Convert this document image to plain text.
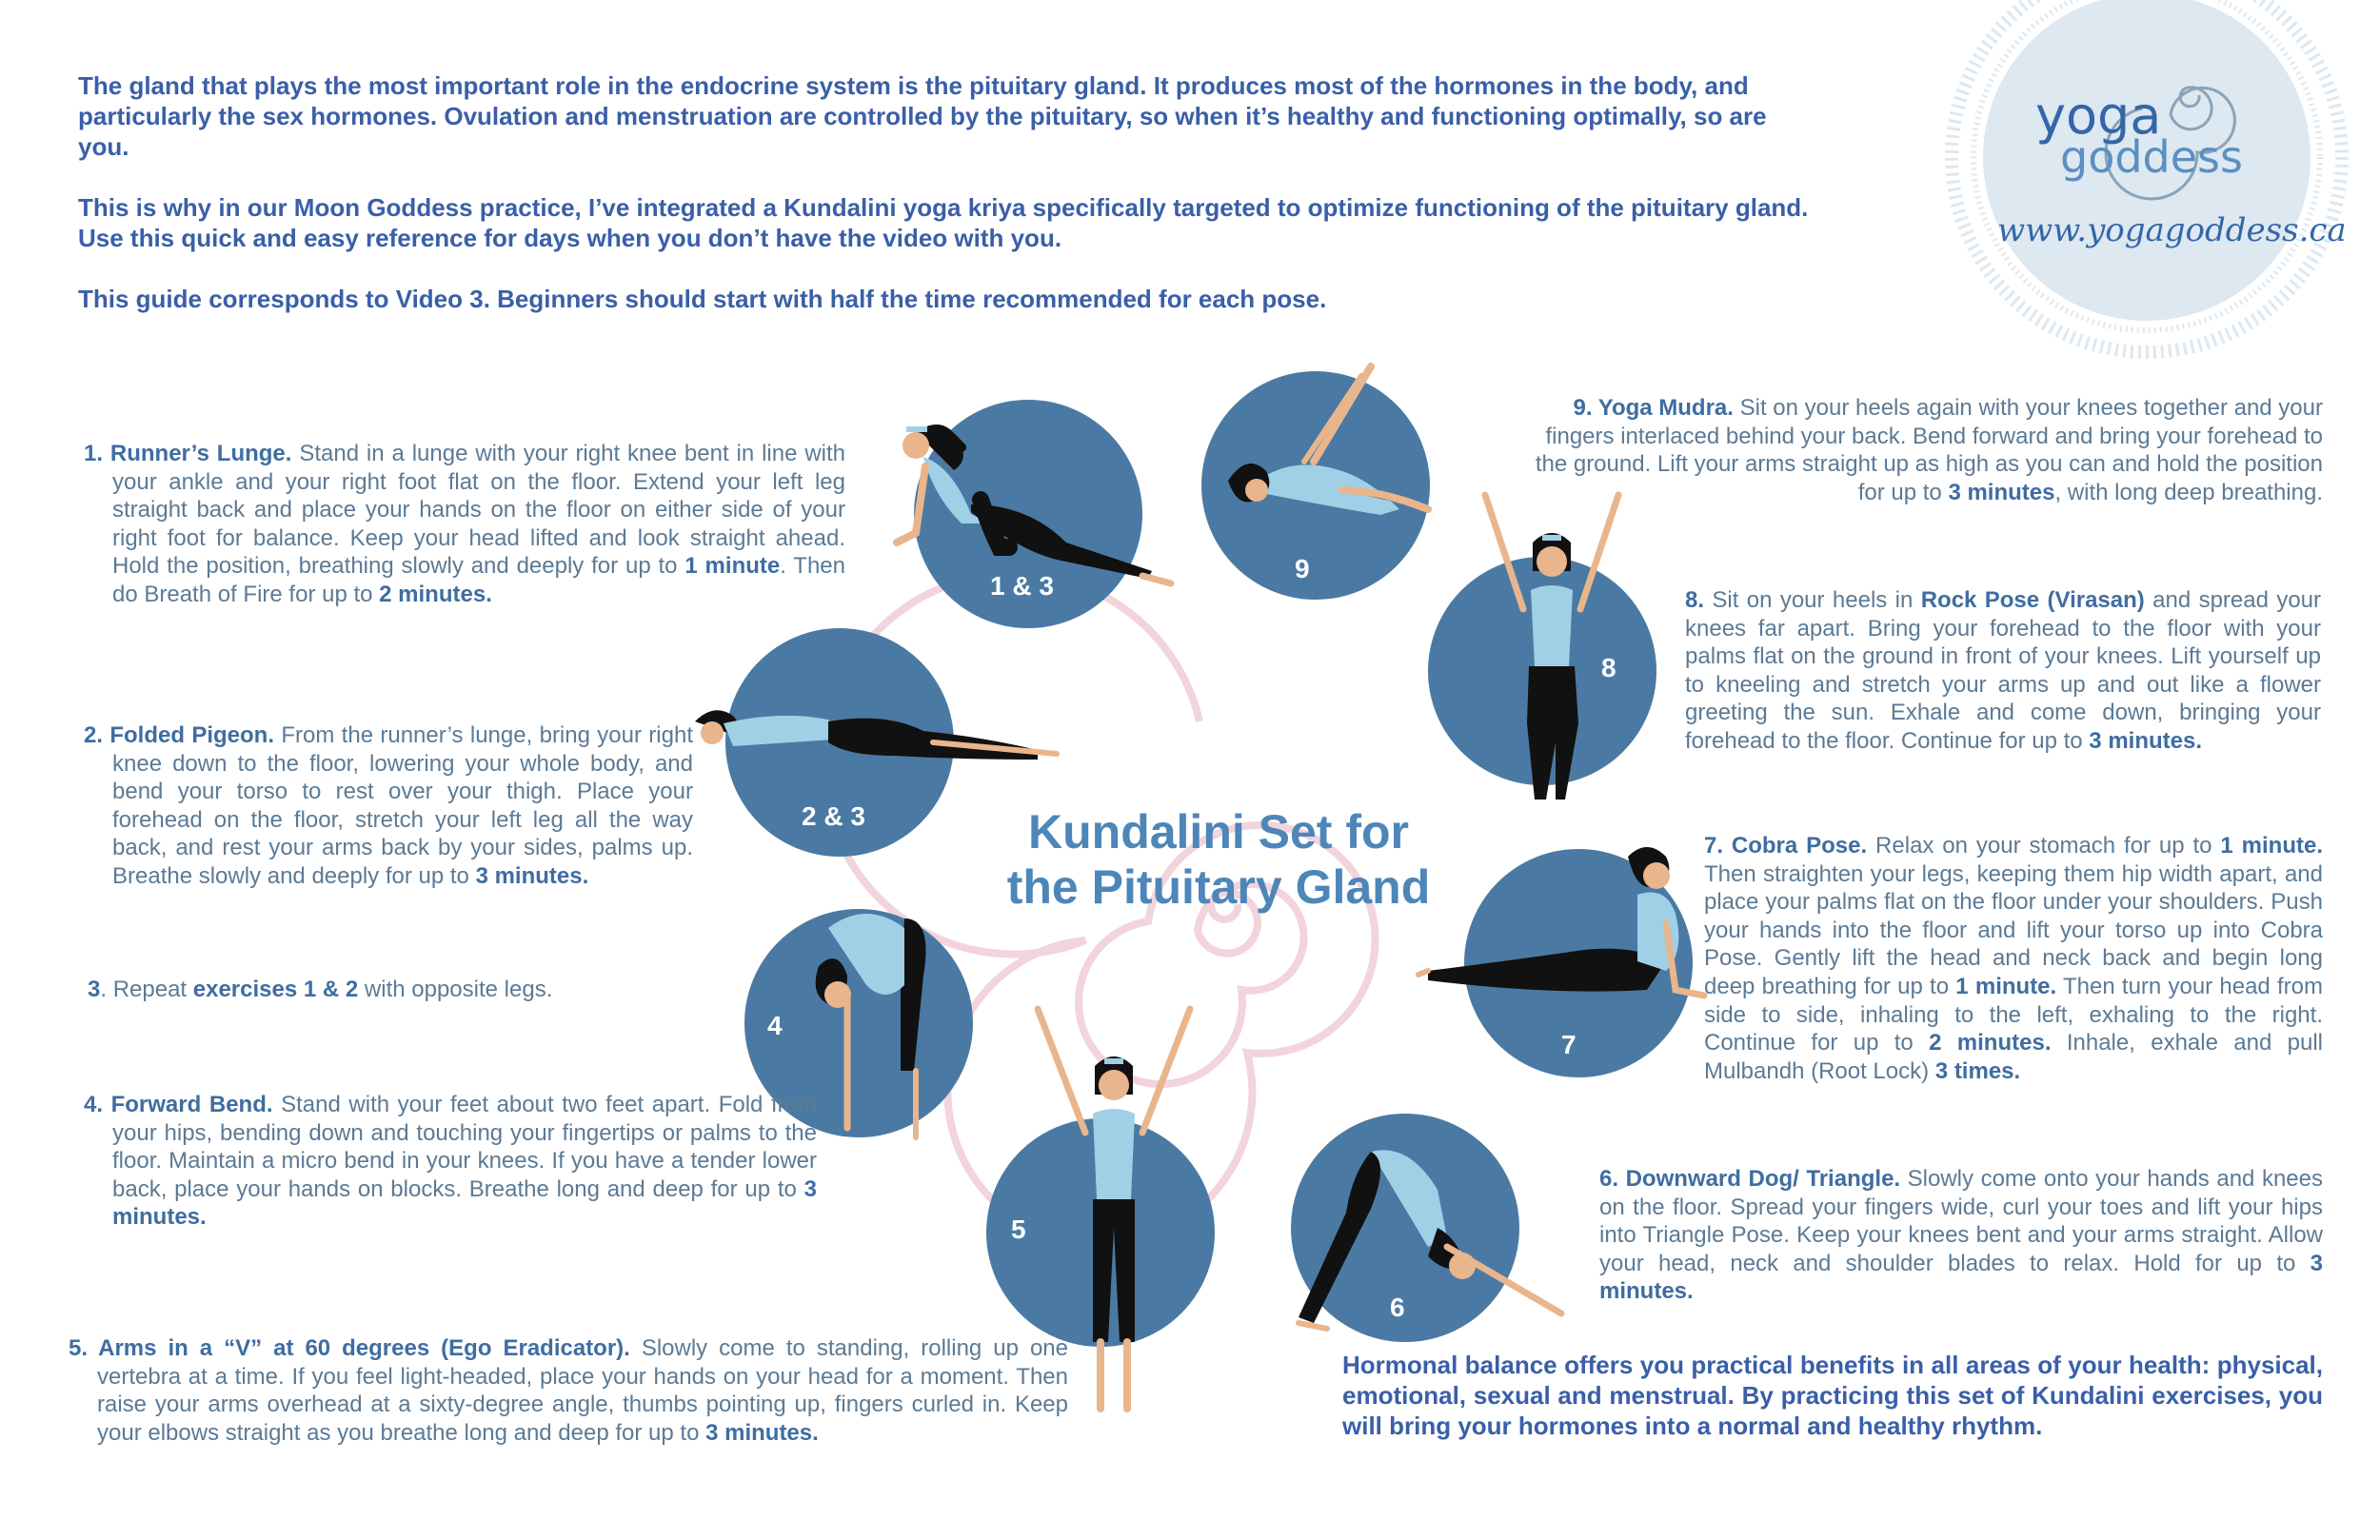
The gland that plays the most important role in the endocrine system is the pituitary gland. It produces most of the hormones in the body, and particularly the sex hormones. Ovulation and menstruation are controlled by the pituitary, so when it’s healthy and functioning optimally, so are you.

This is why in our Moon Goddess practice, I’ve integrated a Kundalini yoga kriya specifically targeted to optimize functioning of the pituitary gland. Use this quick and easy reference for days when you don’t have the video with you.

This guide corresponds to Video 3. Beginners should start with half the time recommended for each pose.

yoga
goddess
www.yogagoddess.ca
Kundalini Set for
the Pituitary Gland
1 & 3
9
2 & 3
8
4
7
5
6
1. Runner’s Lunge. Stand in a lunge with your right knee bent in line with your ankle and your right foot flat on the floor. Extend your left leg straight back and place your hands on the floor on either side of your right foot for balance. Keep your head lifted and look straight ahead. Hold the position, breathing slowly and deeply for up to 1 minute. Then do Breath of Fire for up to 2 minutes.
2. Folded Pigeon. From the runner’s lunge, bring your right knee down to the floor, lowering your whole body, and bend your torso to rest over your thigh. Place your forehead on the floor, stretch your left leg all the way back, and rest your arms back by your sides, palms up. Breathe slowly and deeply for up to 3 minutes.
3. Repeat exercises 1 & 2 with opposite legs.
4. Forward Bend. Stand with your feet about two feet apart. Fold from your hips, bending down and touching your fingertips or palms to the floor. Maintain a micro bend in your knees. If you have a tender lower back, place your hands on blocks. Breathe long and deep for up to 3 minutes.
5. Arms in a “V” at 60 degrees (Ego Eradicator). Slowly come to standing, rolling up one vertebra at a time. If you feel light-headed, place your hands on your head for a moment. Then raise your arms overhead at a sixty-degree angle, thumbs pointing up, fingers curled in. Keep your elbows straight as you breathe long and deep for up to 3 minutes.
9. Yoga Mudra. Sit on your heels again with your knees together and your fingers interlaced behind your back. Bend forward and bring your forehead to the ground. Lift your arms straight up as high as you can and hold the position for up to 3 minutes, with long deep breathing.
8. Sit on your heels in Rock Pose (Virasan) and spread your knees far apart. Bring your forehead to the floor with your palms flat on the ground in front of your knees. Lift yourself up to kneeling and stretch your arms up and out like a flower greeting the sun. Exhale and come down, bringing your forehead to the floor. Continue for up to 3 minutes.
7. Cobra Pose. Relax on your stomach for up to 1 minute. Then straighten your legs, keeping them hip width apart, and place your palms flat on the floor under your shoulders. Push your hands into the floor and lift your torso up into Cobra Pose. Gently lift the head and neck back and begin long deep breathing for up to 1 minute. Then turn your head from side to side, inhaling to the left, exhaling to the right. Continue for up to 2 minutes. Inhale, exhale and pull Mulbandh (Root Lock) 3 times.
6. Downward Dog/ Triangle. Slowly come onto your hands and knees on the floor. Spread your fingers wide, curl your toes and lift your hips into Triangle Pose. Keep your knees bent and your arms straight. Allow your head, neck and shoulder blades to relax. Hold for up to 3 minutes.
Hormonal balance offers you practical benefits in all areas of your health: physical, emotional, sexual and menstrual. By practicing this set of Kundalini exercises, you will bring your hormones into a normal and healthy rhythm.
